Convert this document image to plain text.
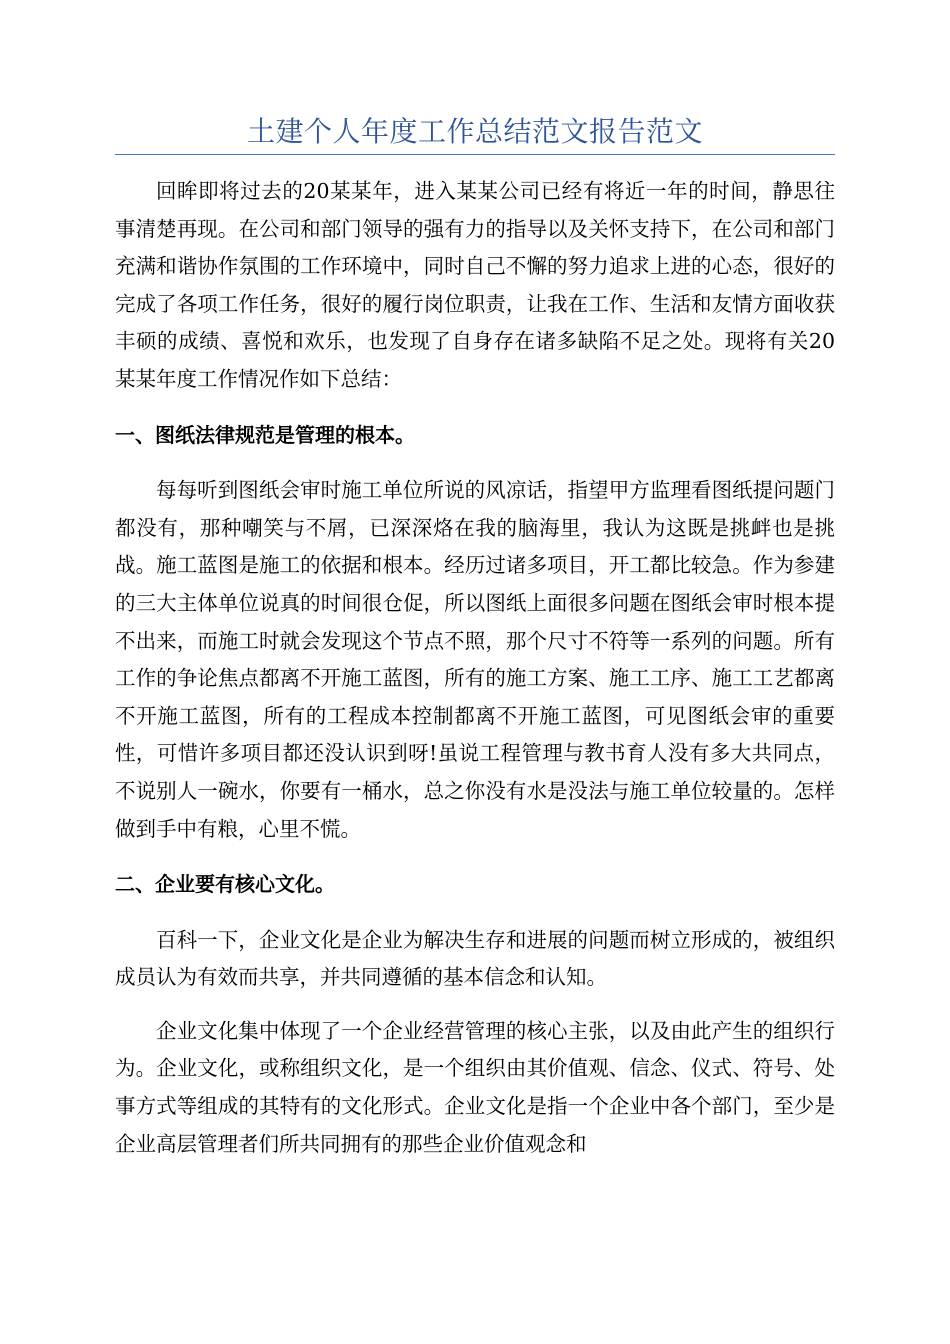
土建个人年度工作总结范文报告范文

回眸即将过去的20某某年，进入某某公司已经有将近一年的时间，静思往事清楚再现。在公司和部门领导的强有力的指导以及关怀支持下，在公司和部门充满和谐协作氛围的工作环境中，同时自己不懈的努力追求上进的心态，很好的完成了各项工作任务，很好的履行岗位职责，让我在工作、生活和友情方面收获丰硕的成绩、喜悦和欢乐，也发现了自身存在诸多缺陷不足之处。现将有关20某某年度工作情况作如下总结：

一、图纸法律规范是管理的根本。

每每听到图纸会审时施工单位所说的风凉话，指望甲方监理看图纸提问题门都没有，那种嘲笑与不屑，已深深烙在我的脑海里，我认为这既是挑衅也是挑战。施工蓝图是施工的依据和根本。经历过诸多项目，开工都比较急。作为参建的三大主体单位说真的时间很仓促，所以图纸上面很多问题在图纸会审时根本提不出来，而施工时就会发现这个节点不照，那个尺寸不符等一系列的问题。所有工作的争论焦点都离不开施工蓝图，所有的施工方案、施工工序、施工工艺都离不开施工蓝图，所有的工程成本控制都离不开施工蓝图，可见图纸会审的重要性，可惜许多项目都还没认识到呀!虽说工程管理与教书育人没有多大共同点，不说别人一碗水，你要有一桶水，总之你没有水是没法与施工单位较量的。怎样做到手中有粮，心里不慌。

二、企业要有核心文化。

百科一下，企业文化是企业为解决生存和进展的问题而树立形成的，被组织成员认为有效而共享，并共同遵循的基本信念和认知。

企业文化集中体现了一个企业经营管理的核心主张，以及由此产生的组织行为。企业文化，或称组织文化，是一个组织由其价值观、信念、仪式、符号、处事方式等组成的其特有的文化形式。企业文化是指一个企业中各个部门，至少是企业高层管理者们所共同拥有的那些企业价值观念和
